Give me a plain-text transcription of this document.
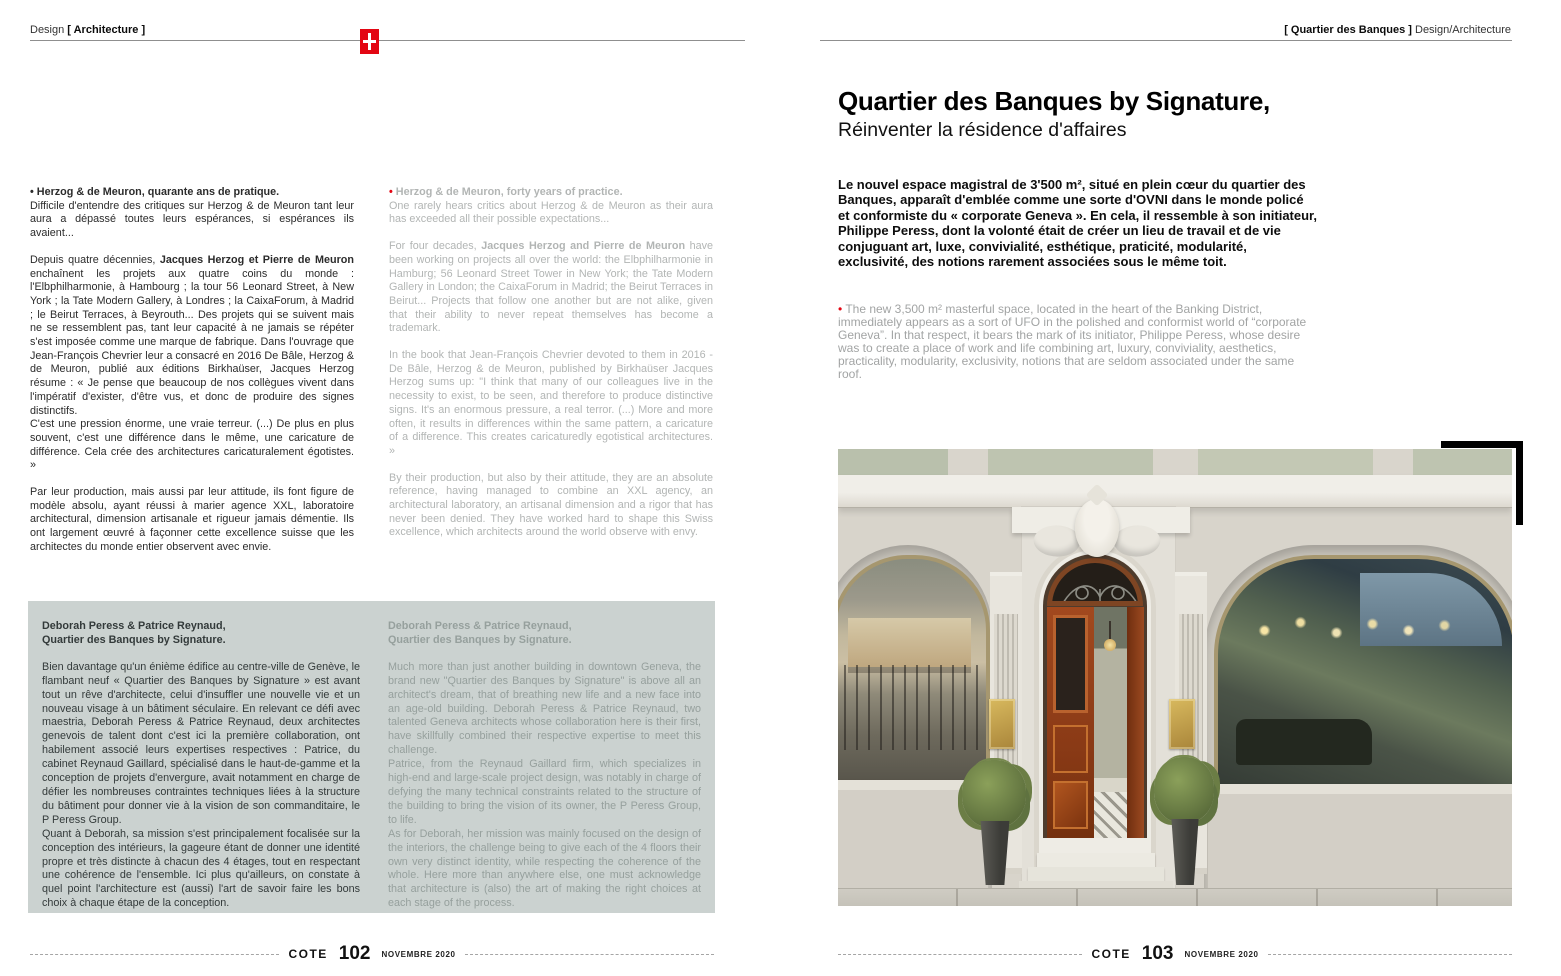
Design [ Architecture ]

• Herzog & de Meuron, quarante ans de pratique.

Difficile d'entendre des critiques sur Herzog & de Meuron tant leur aura a dépassé toutes leurs espérances, si espérances ils avaient...

Depuis quatre décennies, Jacques Herzog et Pierre de Meuron enchaînent les projets aux quatre coins du monde : l'Elbphilharmonie, à Hambourg ; la tour 56 Leonard Street, à New York ; la Tate Modern Gallery, à Londres ; la CaixaForum, à Madrid ; le Beirut Terraces, à Beyrouth... Des projets qui se suivent mais ne se ressemblent pas, tant leur capacité à ne jamais se répéter s'est imposée comme une marque de fabrique. Dans l'ouvrage que Jean-François Chevrier leur a consacré en 2016 De Bâle, Herzog & de Meuron, publié aux éditions Birkhaüser, Jacques Herzog résume : « Je pense que beaucoup de nos collègues vivent dans l'impératif d'exister, d'être vus, et donc de produire des signes distinctifs.

C'est une pression énorme, une vraie terreur. (...) De plus en plus souvent, c'est une différence dans le même, une caricature de différence. Cela crée des architectures caricaturalement égotistes. »

Par leur production, mais aussi par leur attitude, ils font figure de modèle absolu, ayant réussi à marier agence XXL, laboratoire architectural, dimension artisanale et rigueur jamais démentie. Ils ont largement œuvré à façonner cette excellence suisse que les architectes du monde entier observent avec envie.

• Herzog & de Meuron, forty years of practice.

One rarely hears critics about Herzog & de Meuron as their aura has exceeded all their possible expectations...

For four decades, Jacques Herzog and Pierre de Meuron have been working on projects all over the world: the Elbphilharmonie in Hamburg; 56 Leonard Street Tower in New York; the Tate Modern Gallery in London; the CaixaForum in Madrid; the Beirut Terraces in Beirut... Projects that follow one another but are not alike, given that their ability to never repeat themselves has become a trademark.

In the book that Jean-François Chevrier devoted to them in 2016 - De Bâle, Herzog & de Meuron, published by Birkhaüser Jacques Herzog sums up: "I think that many of our colleagues live in the necessity to exist, to be seen, and therefore to produce distinctive signs. It's an enormous pressure, a real terror. (...) More and more often, it results in differences within the same pattern, a caricature of a difference. This creates caricaturedly egotistical architectures. »

By their production, but also by their attitude, they are an absolute reference, having managed to combine an XXL agency, an architectural laboratory, an artisanal dimension and a rigor that has never been denied. They have worked hard to shape this Swiss excellence, which architects around the world observe with envy.

Deborah Peress & Patrice Reynaud,
Quartier des Banques by Signature.

Bien davantage qu'un énième édifice au centre-ville de Genève, le flambant neuf « Quartier des Banques by Signature » est avant tout un rêve d'architecte, celui d'insuffler une nouvelle vie et un nouveau visage à un bâtiment séculaire. En relevant ce défi avec maestria, Deborah Peress & Patrice Reynaud, deux architectes genevois de talent dont c'est ici la première collaboration, ont habilement associé leurs expertises respectives : Patrice, du cabinet Reynaud Gaillard, spécialisé dans le haut-de-gamme et la conception de projets d'envergure, avait notamment en charge de défier les nombreuses contraintes techniques liées à la structure du bâtiment pour donner vie à la vision de son commanditaire, le P Peress Group.

Quant à Deborah, sa mission s'est principalement focalisée sur la conception des intérieurs, la gageure étant de donner une identité propre et très distincte à chacun des 4 étages, tout en respectant une cohérence de l'ensemble. Ici plus qu'ailleurs, on constate à quel point l'architecture est (aussi) l'art de savoir faire les bons choix à chaque étape de la conception.

Deborah Peress & Patrice Reynaud,
Quartier des Banques by Signature.

Much more than just another building in downtown Geneva, the brand new "Quartier des Banques by Signature" is above all an architect's dream, that of breathing new life and a new face into an age-old building. Deborah Peress & Patrice Reynaud, two talented Geneva architects whose collaboration here is their first, have skillfully combined their respective expertise to meet this challenge.

Patrice, from the Reynaud Gaillard firm, which specializes in high-end and large-scale project design, was notably in charge of defying the many technical constraints related to the structure of the building to bring the vision of its owner, the P Peress Group, to life.

As for Deborah, her mission was mainly focused on the design of the interiors, the challenge being to give each of the 4 floors their own very distinct identity, while respecting the coherence of the whole. Here more than anywhere else, one must acknowledge that architecture is (also) the art of making the right choices at each stage of the process.

COTE 102 NOVEMBRE 2020
[ Quartier des Banques ] Design/Architecture
Quartier des Banques by Signature,
Réinventer la résidence d'affaires

Le nouvel espace magistral de 3'500 m², situé en plein cœur du quartier des Banques, apparaît d'emblée comme une sorte d'OVNI dans le monde policé et conformiste du « corporate Geneva ». En cela, il ressemble à son initiateur, Philippe Peress, dont la volonté était de créer un lieu de travail et de vie conjuguant art, luxe, convivialité, esthétique, praticité, modularité, exclusivité, des notions rarement associées sous le même toit.

• The new 3,500 m² masterful space, located in the heart of the Banking District, immediately appears as a sort of UFO in the polished and conformist world of “corporate Geneva”. In that respect, it bears the mark of its initiator, Philippe Peress, whose desire was to create a place of work and life combining art, luxury, conviviality, aesthetics, practicality, modularity, exclusivity, notions that are seldom associated under the same roof.

COTE 103 NOVEMBRE 2020
